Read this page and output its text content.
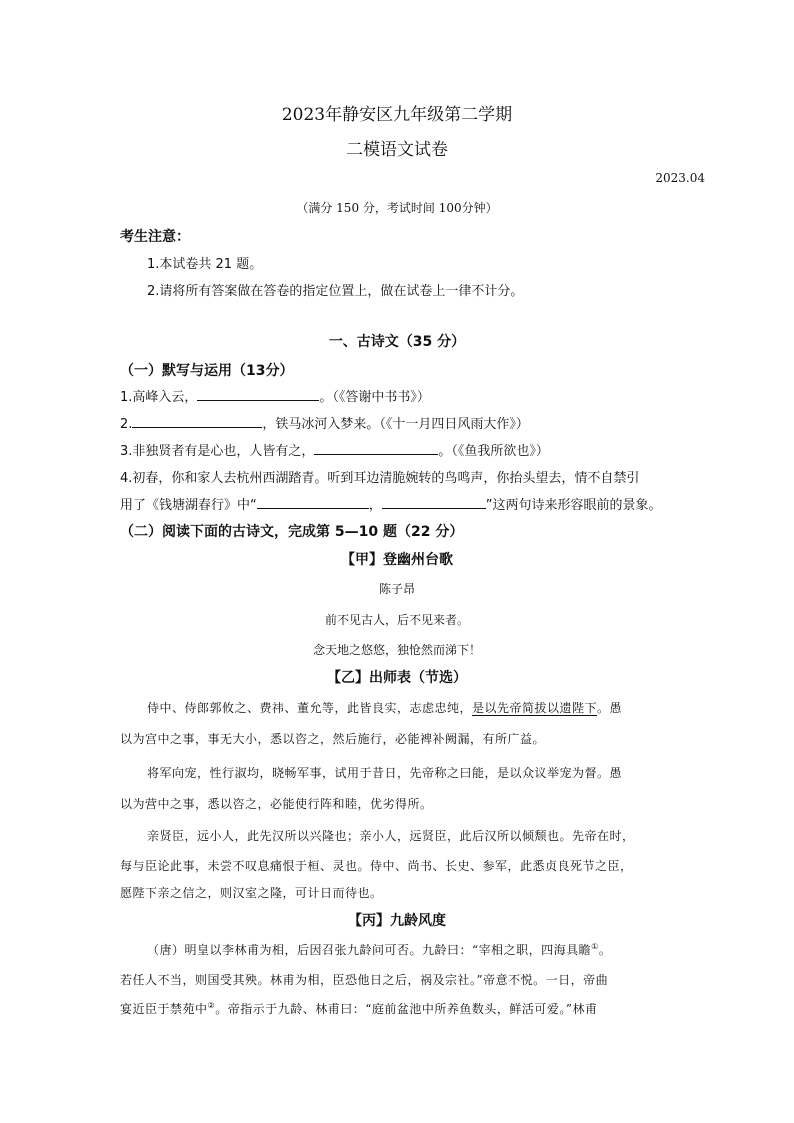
2023年静安区九年级第二学期
二模语文试卷
2023.04
（满分 150 分，考试时间 100分钟）
考生注意：
1.本试卷共 21 题。
2.请将所有答案做在答卷的指定位置上，做在试卷上一律不计分。
一、古诗文（35 分）
（一）默写与运用（13分）
1.高峰入云，	。（《答谢中书书》）
2.	，铁马冰河入梦来。（《十一月四日风雨大作》）
3.非独贤者有是心也，人皆有之，	。（《鱼我所欲也》）
4.初春，你和家人去杭州西湖踏青。听到耳边清脆婉转的鸟鸣声，你抬头望去，情不自禁引
用了《钱塘湖春行》中“	，	”这两句诗来形容眼前的景象。
（二）阅读下面的古诗文，完成第 5—10 题（22 分）
【甲】登幽州台歌
陈子昂
前不见古人，后不见来者。
念天地之悠悠，独怆然而涕下！
【乙】出师表（节选）
侍中、侍郎郭攸之、费祎、董允等，此皆良实，志虑忠纯，是以先帝简拔以遗陛下。愚
以为宫中之事，事无大小，悉以咨之，然后施行，必能裨补阙漏，有所广益。
将军向宠，性行淑均，晓畅军事，试用于昔日，先帝称之曰能，是以众议举宠为督。愚
以为营中之事，悉以咨之，必能使行阵和睦，优劣得所。
亲贤臣，远小人，此先汉所以兴隆也；亲小人，远贤臣，此后汉所以倾颓也。先帝在时，
每与臣论此事，未尝不叹息痛恨于桓、灵也。侍中、尚书、长史、参军，此悉贞良死节之臣，
愿陛下亲之信之，则汉室之隆，可计日而待也。
【丙】九龄风度
（唐）明皇以李林甫为相，后因召张九龄问可否。九龄曰：“宰相之职，四海具瞻①。
若任人不当，则国受其殃。林甫为相，臣恐他日之后，祸及宗社。”帝意不悦。一日，帝曲
宴近臣于禁苑中②。帝指示于九龄、林甫曰：“庭前盆池中所养鱼数头，鲜活可爱。”林甫
